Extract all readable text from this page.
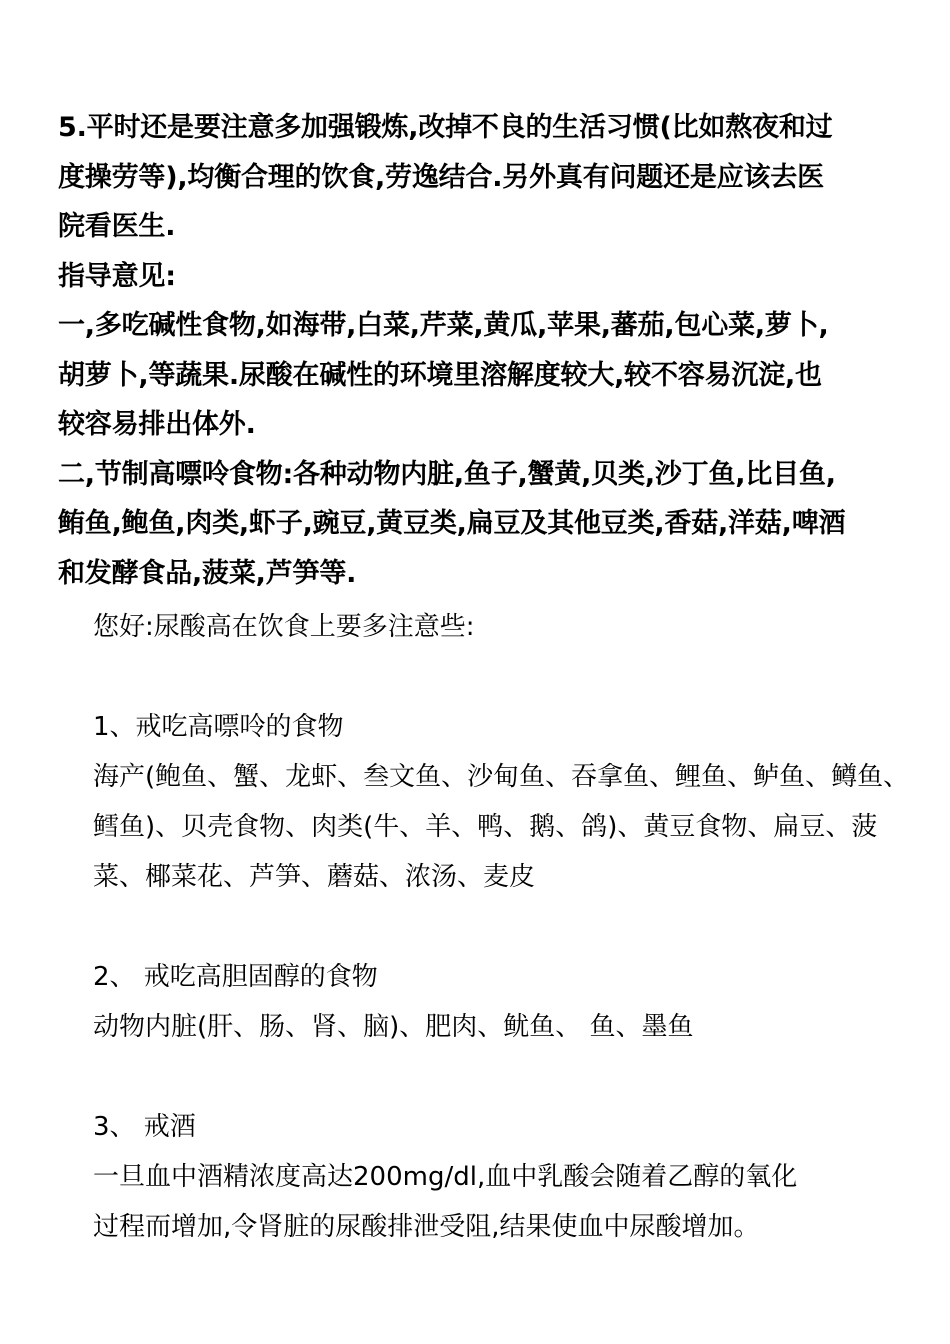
5.平时还是要注意多加强锻炼,改掉不良的生活习惯(比如熬夜和过

度操劳等),均衡合理的饮食,劳逸结合.另外真有问题还是应该去医

院看医生.

指导意见:

一,多吃碱性食物,如海带,白菜,芹菜,黄瓜,苹果,蕃茄,包心菜,萝卜,

胡萝卜,等蔬果.尿酸在碱性的环境里溶解度较大,较不容易沉淀,也

较容易排出体外.

二,节制高嘌呤食物:各种动物内脏,鱼子,蟹黄,贝类,沙丁鱼,比目鱼,

鲔鱼,鲍鱼,肉类,虾子,豌豆,黄豆类,扁豆及其他豆类,香菇,洋菇,啤酒

和发酵食品,菠菜,芦笋等.

您好:尿酸高在饮食上要多注意些:

1、戒吃高嘌呤的食物

海产(鲍鱼、蟹、龙虾、叁文鱼、沙甸鱼、吞拿鱼、鲤鱼、鲈鱼、鳟鱼、

鳕鱼)、贝壳食物、肉类(牛、羊、鸭、鹅、鸽)、黄豆食物、扁豆、菠

菜、椰菜花、芦笋、蘑菇、浓汤、麦皮

2、 戒吃高胆固醇的食物

动物内脏(肝、肠、肾、脑)、肥肉、鱿鱼、 鱼、墨鱼

3、 戒酒

一旦血中酒精浓度高达200mg/dl,血中乳酸会随着乙醇的氧化

过程而增加,令肾脏的尿酸排泄受阻,结果使血中尿酸增加。
